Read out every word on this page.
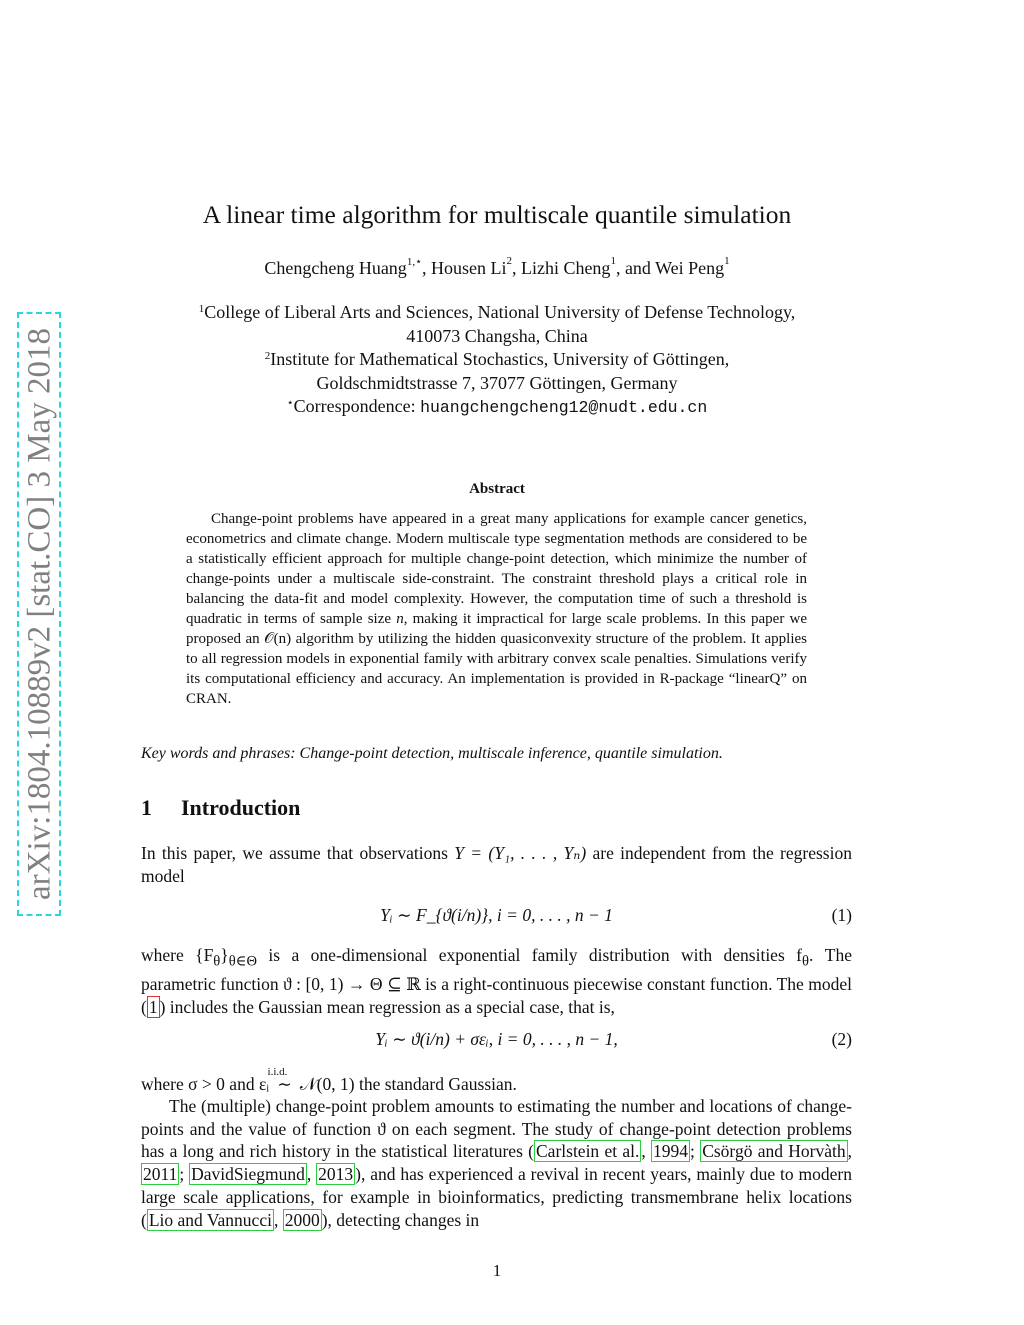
arXiv:1804.10889v2 [stat.CO] 3 May 2018
A linear time algorithm for multiscale quantile simulation
Chengcheng Huang$^{1,⋆}$, Housen Li$^2$, Lizhi Cheng$^1$, and Wei Peng$^1$
$^1$College of Liberal Arts and Sciences, National University of Defense Technology,
410073 Changsha, China
$^2$Institute for Mathematical Stochastics, University of Göttingen,
Goldschmidtstrasse 7, 37077 Göttingen, Germany
⋆Correspondence: huangchengcheng12@nudt.edu.cn
Abstract
Change-point problems have appeared in a great many applications for example cancer genetics, econometrics and climate change. Modern multiscale type segmentation methods are considered to be a statistically efficient approach for multiple change-point detection, which minimize the number of change-points under a multiscale side-constraint. The constraint threshold plays a critical role in balancing the data-fit and model complexity. However, the computation time of such a threshold is quadratic in terms of sample size n, making it impractical for large scale problems. In this paper we proposed an 𝒪(n) algorithm by utilizing the hidden quasiconvexity structure of the problem. It applies to all regression models in exponential family with arbitrary convex scale penalties. Simulations verify its computational efficiency and accuracy. An implementation is provided in R-package “linearQ” on CRAN.
Key words and phrases: Change-point detection, multiscale inference, quantile simulation.
1 Introduction
In this paper, we assume that observations Y = (Y₁, . . . , Yₙ) are independent from the regression model
Yᵢ ∼ F_{ϑ(i/n)}, i = 0, . . . , n − 1	(1)
where $\{F_\theta\}_{\theta\in\Theta}$ is a one-dimensional exponential family distribution with densities $f_\theta$. The parametric function ϑ : [0, 1) → Θ ⊆ ℝ is a right-continuous piecewise constant function. The model ( 1 ) includes the Gaussian mean regression as a special case, that is,
Yᵢ ∼ ϑ(i/n) + σεᵢ, i = 0, . . . , n − 1,	(2)
where σ > 0 and εᵢ
i.i.d.
∼ 𝒩(0, 1) the standard Gaussian.
The (multiple) change-point problem amounts to estimating the number and locations of change-points and the value of function ϑ on each segment. The study of change-point detection problems has a long and rich history in the statistical literatures ( Carlstein et al. , 1994 ; Csörgö and Horvàth , 2011 ; DavidSiegmund , 2013 ), and has experienced a revival in recent years, mainly due to modern large scale applications, for example in bioinformatics, predicting transmembrane helix locations ( Lio and Vannucci , 2000 ), detecting changes in
1
